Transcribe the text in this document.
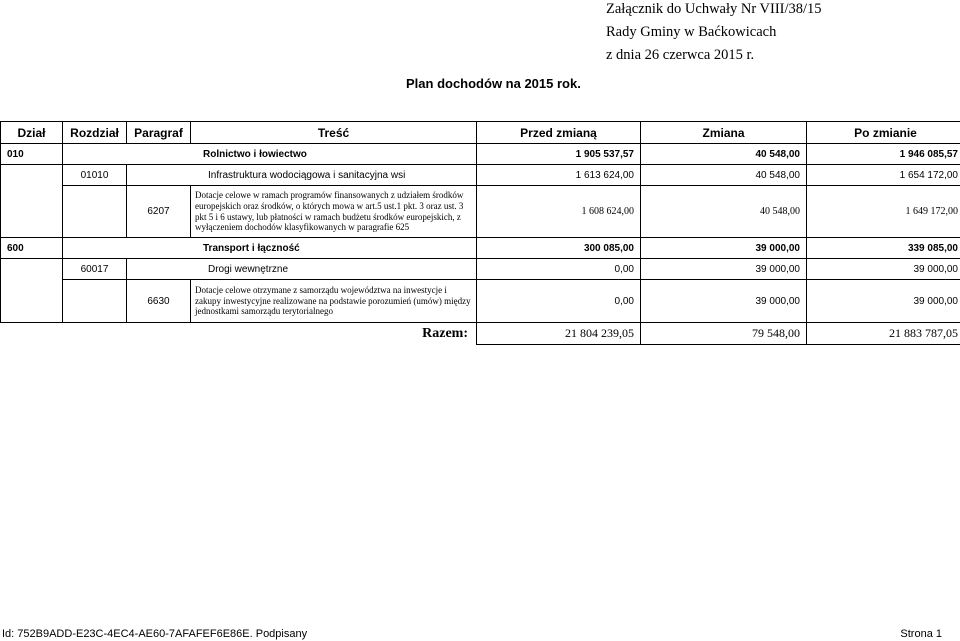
Załącznik do Uchwały Nr VIII/38/15
Rady Gminy w Baćkowicach
z dnia 26 czerwca 2015 r.
Plan dochodów na 2015 rok.
Dział	Rozdział	Paragraf	Treść	Przed zmianą	Zmiana	Po zmianie
010	Rolnictwo i łowiectwo			1 905 537,57	40 548,00	1 946 085,57
	01010	Infrastruktura wodociągowa i sanitacyjna wsi		1 613 624,00	40 548,00	1 654 172,00
		6207	Dotacje celowe w ramach programów finansowanych z udziałem środków europejskich oraz środków, o których mowa w art.5 ust.1 pkt. 3 oraz ust. 3 pkt 5 i 6 ustawy, lub płatności w ramach budżetu środków europejskich, z wyłączeniem dochodów klasyfikowanych w paragrafie 625	1 608 624,00	40 548,00	1 649 172,00
600	Transport i łączność			300 085,00	39 000,00	339 085,00
	60017	Drogi wewnętrzne		0,00	39 000,00	39 000,00
		6630	Dotacje celowe otrzymane z samorządu województwa na inwestycje i zakupy inwestycyjne realizowane na podstawie porozumień (umów) między jednostkami samorządu terytorialnego	0,00	39 000,00	39 000,00
			Razem:	21 804 239,05	79 548,00	21 883 787,05
Id: 752B9ADD-E23C-4EC4-AE60-7AFAFEF6E86E. Podpisany	Strona 1
